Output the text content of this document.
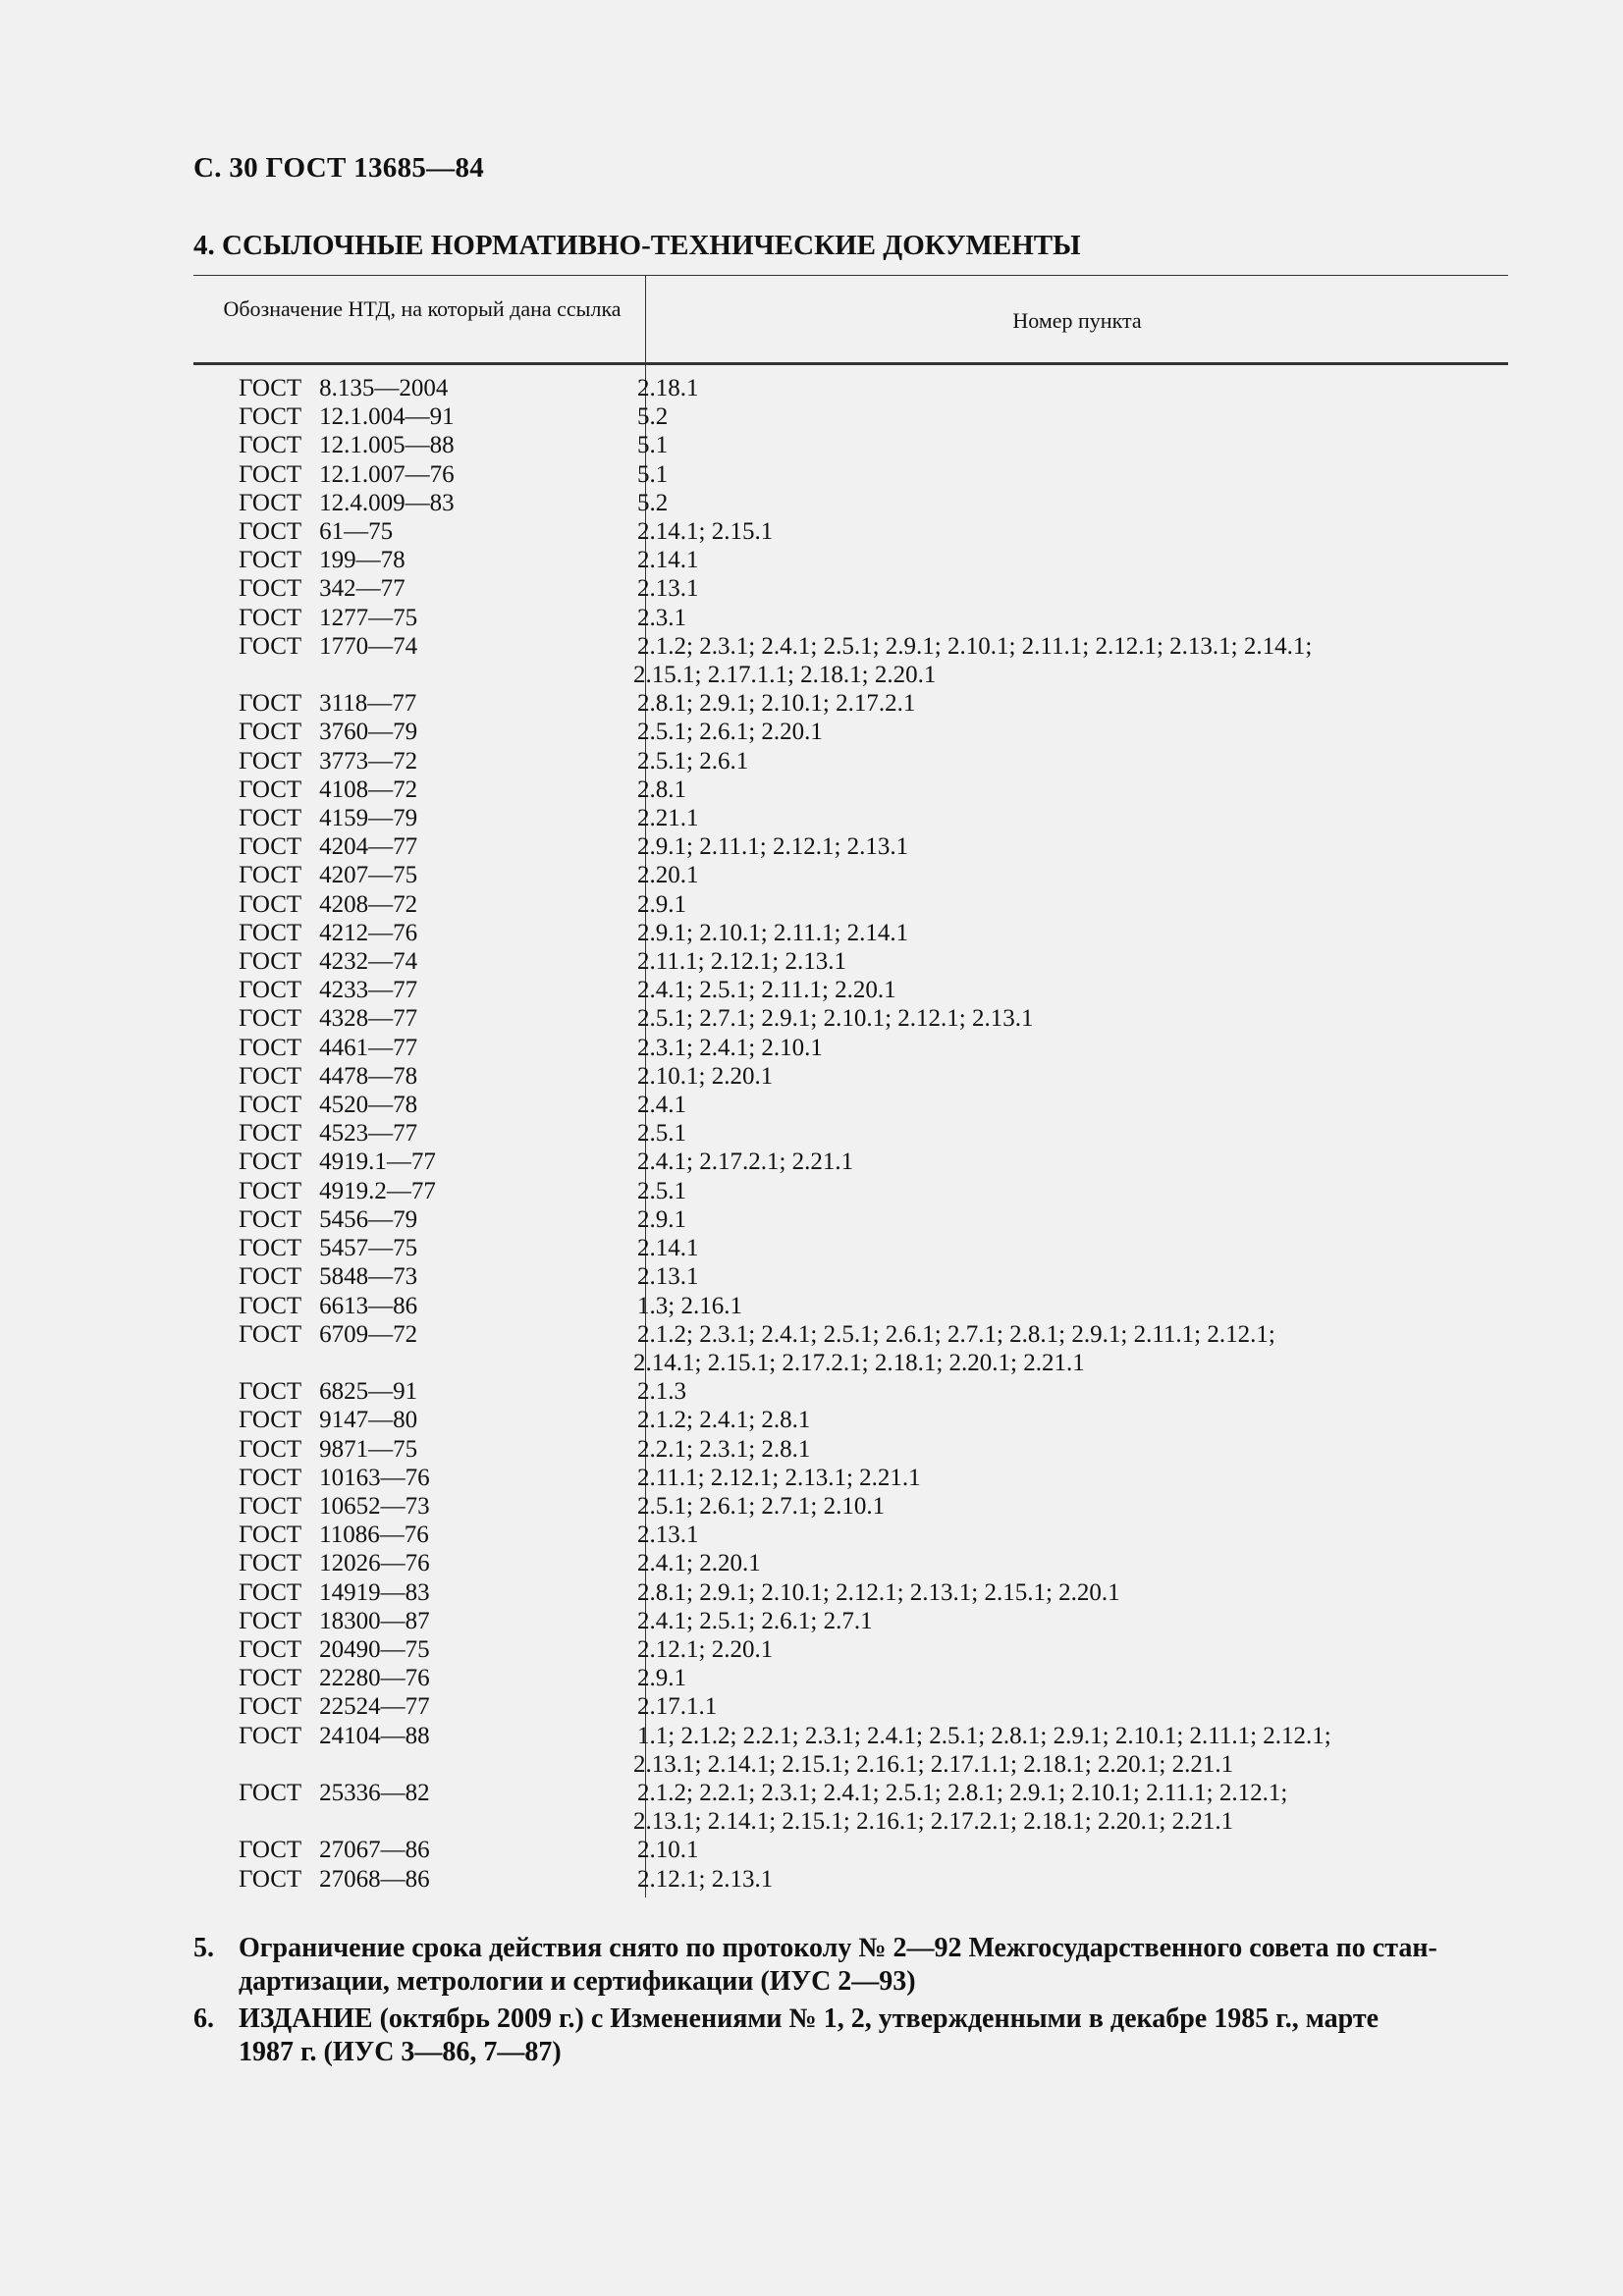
С. 30 ГОСТ 13685—84
4. ССЫЛОЧНЫЕ НОРМАТИВНО-ТЕХНИЧЕСКИЕ ДОКУМЕНТЫ
Обозначение НТД, на который дана ссылка	Номер пункта
ГОСТ 8.135—2004	2.18.1
ГОСТ 12.1.004—91	5.2
ГОСТ 12.1.005—88	5.1
ГОСТ 12.1.007—76	5.1
ГОСТ 12.4.009—83	5.2
ГОСТ 61—75	2.14.1; 2.15.1
ГОСТ 199—78	2.14.1
ГОСТ 342—77	2.13.1
ГОСТ 1277—75	2.3.1
ГОСТ 1770—74	2.1.2; 2.3.1; 2.4.1; 2.5.1; 2.9.1; 2.10.1; 2.11.1; 2.12.1; 2.13.1; 2.14.1;
2.15.1; 2.17.1.1; 2.18.1; 2.20.1
ГОСТ 3118—77	2.8.1; 2.9.1; 2.10.1; 2.17.2.1
ГОСТ 3760—79	2.5.1; 2.6.1; 2.20.1
ГОСТ 3773—72	2.5.1; 2.6.1
ГОСТ 4108—72	2.8.1
ГОСТ 4159—79	2.21.1
ГОСТ 4204—77	2.9.1; 2.11.1; 2.12.1; 2.13.1
ГОСТ 4207—75	2.20.1
ГОСТ 4208—72	2.9.1
ГОСТ 4212—76	2.9.1; 2.10.1; 2.11.1; 2.14.1
ГОСТ 4232—74	2.11.1; 2.12.1; 2.13.1
ГОСТ 4233—77	2.4.1; 2.5.1; 2.11.1; 2.20.1
ГОСТ 4328—77	2.5.1; 2.7.1; 2.9.1; 2.10.1; 2.12.1; 2.13.1
ГОСТ 4461—77	2.3.1; 2.4.1; 2.10.1
ГОСТ 4478—78	2.10.1; 2.20.1
ГОСТ 4520—78	2.4.1
ГОСТ 4523—77	2.5.1
ГОСТ 4919.1—77	2.4.1; 2.17.2.1; 2.21.1
ГОСТ 4919.2—77	2.5.1
ГОСТ 5456—79	2.9.1
ГОСТ 5457—75	2.14.1
ГОСТ 5848—73	2.13.1
ГОСТ 6613—86	1.3; 2.16.1
ГОСТ 6709—72	2.1.2; 2.3.1; 2.4.1; 2.5.1; 2.6.1; 2.7.1; 2.8.1; 2.9.1; 2.11.1; 2.12.1;
2.14.1; 2.15.1; 2.17.2.1; 2.18.1; 2.20.1; 2.21.1
ГОСТ 6825—91	2.1.3
ГОСТ 9147—80	2.1.2; 2.4.1; 2.8.1
ГОСТ 9871—75	2.2.1; 2.3.1; 2.8.1
ГОСТ 10163—76	2.11.1; 2.12.1; 2.13.1; 2.21.1
ГОСТ 10652—73	2.5.1; 2.6.1; 2.7.1; 2.10.1
ГОСТ 11086—76	2.13.1
ГОСТ 12026—76	2.4.1; 2.20.1
ГОСТ 14919—83	2.8.1; 2.9.1; 2.10.1; 2.12.1; 2.13.1; 2.15.1; 2.20.1
ГОСТ 18300—87	2.4.1; 2.5.1; 2.6.1; 2.7.1
ГОСТ 20490—75	2.12.1; 2.20.1
ГОСТ 22280—76	2.9.1
ГОСТ 22524—77	2.17.1.1
ГОСТ 24104—88	1.1; 2.1.2; 2.2.1; 2.3.1; 2.4.1; 2.5.1; 2.8.1; 2.9.1; 2.10.1; 2.11.1; 2.12.1;
2.13.1; 2.14.1; 2.15.1; 2.16.1; 2.17.1.1; 2.18.1; 2.20.1; 2.21.1
ГОСТ 25336—82	2.1.2; 2.2.1; 2.3.1; 2.4.1; 2.5.1; 2.8.1; 2.9.1; 2.10.1; 2.11.1; 2.12.1;
2.13.1; 2.14.1; 2.15.1; 2.16.1; 2.17.2.1; 2.18.1; 2.20.1; 2.21.1
ГОСТ 27067—86	2.10.1
ГОСТ 27068—86	2.12.1; 2.13.1
5. Ограничение срока действия снято по протоколу № 2—92 Межгосударственного совета по стан-
дартизации, метрологии и сертификации (ИУС 2—93)
6. ИЗДАНИЕ (октябрь 2009 г.) с Изменениями № 1, 2, утвержденными в декабре 1985 г., марте
1987 г. (ИУС 3—86, 7—87)
